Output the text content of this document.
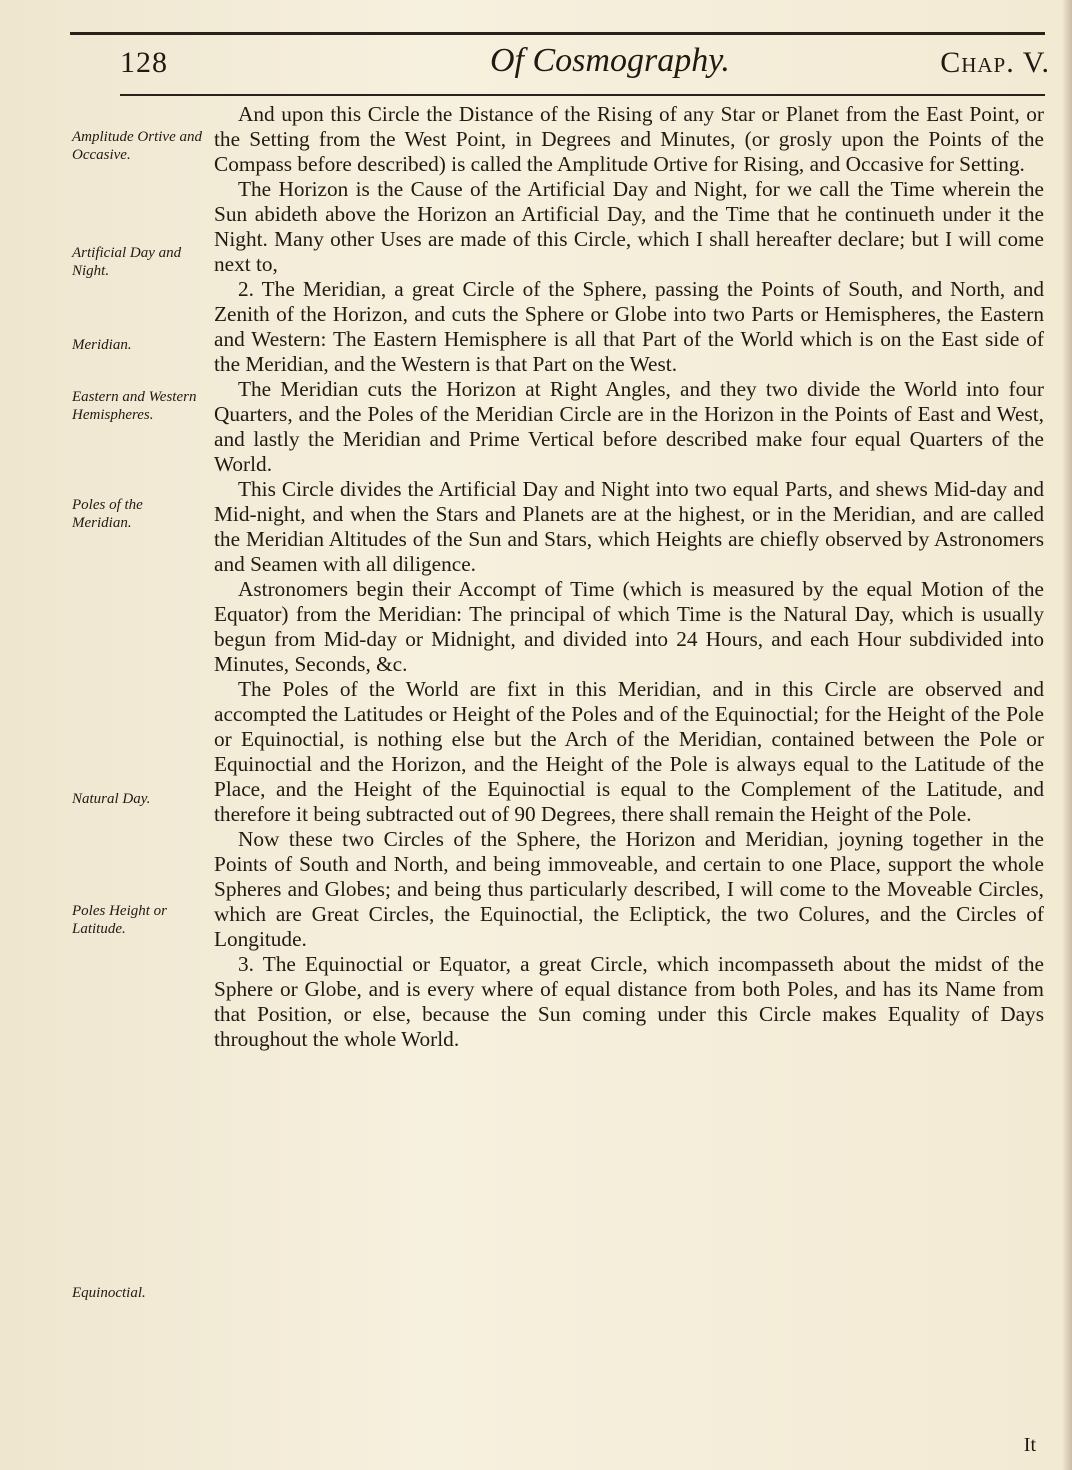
128	Of Cosmography.	Chap. V.
Amplitude Ortive and Occasive.
Artificial Day and Night.
Meridian.
Eastern and Western Hemispheres.
Poles of the Meridian.
Natural Day.
Poles Height or Latitude.
Equinoctial.

And upon this Circle the Distance of the Rising of any Star or Planet from the East Point, or the Setting from the West Point, in Degrees and Minutes, (or grosly upon the Points of the Compass before described) is called the Amplitude Ortive for Rising, and Occasive for Setting.

The Horizon is the Cause of the Artificial Day and Night, for we call the Time wherein the Sun abideth above the Horizon an Artificial Day, and the Time that he continueth under it the Night. Many other Uses are made of this Circle, which I shall hereafter declare; but I will come next to,

2. The Meridian, a great Circle of the Sphere, passing the Points of South, and North, and Zenith of the Horizon, and cuts the Sphere or Globe into two Parts or Hemispheres, the Eastern and Western: The Eastern Hemisphere is all that Part of the World which is on the East side of the Meridian, and the Western is that Part on the West.

The Meridian cuts the Horizon at Right Angles, and they two divide the World into four Quarters, and the Poles of the Meridian Circle are in the Horizon in the Points of East and West, and lastly the Meridian and Prime Vertical before described make four equal Quarters of the World.

This Circle divides the Artificial Day and Night into two equal Parts, and shews Mid-day and Mid-night, and when the Stars and Planets are at the highest, or in the Meridian, and are called the Meridian Altitudes of the Sun and Stars, which Heights are chiefly observed by Astronomers and Seamen with all diligence.

Astronomers begin their Accompt of Time (which is measured by the equal Motion of the Equator) from the Meridian: The principal of which Time is the Natural Day, which is usually begun from Mid-day or Midnight, and divided into 24 Hours, and each Hour subdivided into Minutes, Seconds, &c.

The Poles of the World are fixt in this Meridian, and in this Circle are observed and accompted the Latitudes or Height of the Poles and of the Equinoctial; for the Height of the Pole or Equinoctial, is nothing else but the Arch of the Meridian, contained between the Pole or Equinoctial and the Horizon, and the Height of the Pole is always equal to the Latitude of the Place, and the Height of the Equinoctial is equal to the Complement of the Latitude, and therefore it being subtracted out of 90 Degrees, there shall remain the Height of the Pole.

Now these two Circles of the Sphere, the Horizon and Meridian, joyning together in the Points of South and North, and being immoveable, and certain to one Place, support the whole Spheres and Globes; and being thus particularly described, I will come to the Moveable Circles, which are Great Circles, the Equinoctial, the Ecliptick, the two Colures, and the Circles of Longitude.

3. The Equinoctial or Equator, a great Circle, which incompasseth about the midst of the Sphere or Globe, and is every where of equal distance from both Poles, and has its Name from that Position, or else, because the Sun coming under this Circle makes Equality of Days throughout the whole World.

It
